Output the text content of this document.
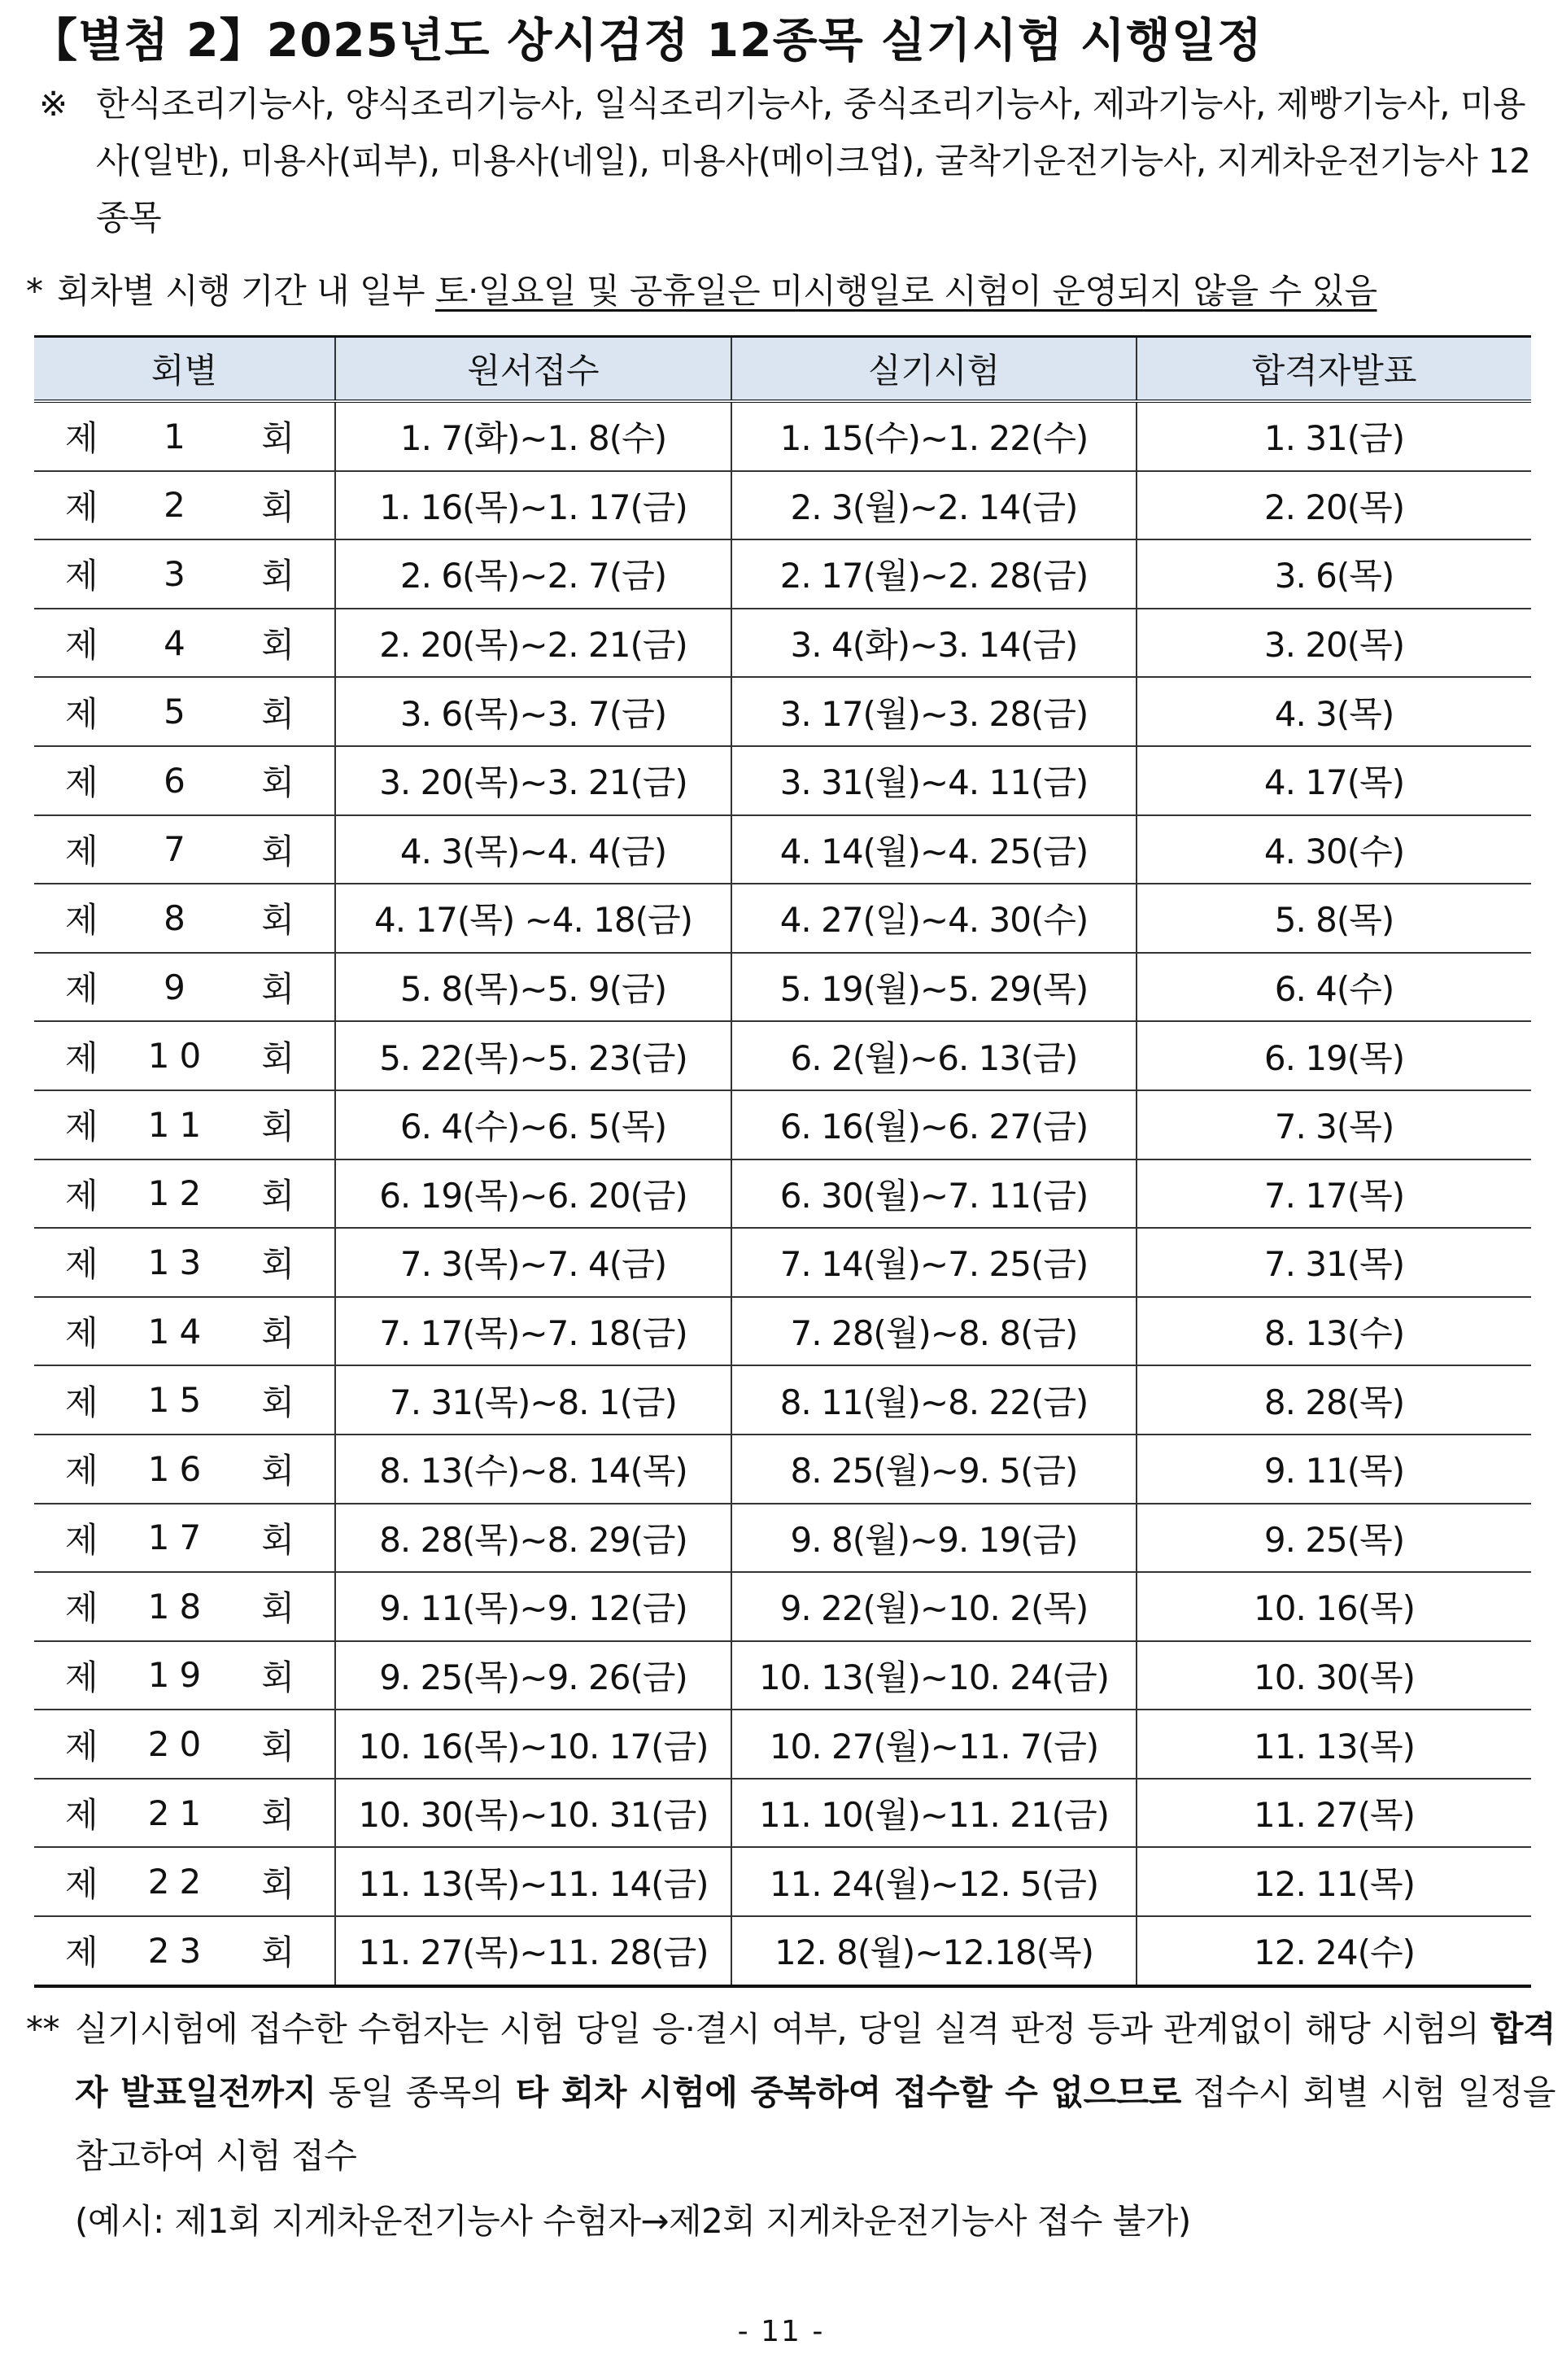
【별첨 2】2025년도 상시검정 12종목 실기시험 시행일정
※ 한식조리기능사, 양식조리기능사, 일식조리기능사, 중식조리기능사, 제과기능사, 제빵기능사, 미용사(일반), 미용사(피부), 미용사(네일), 미용사(메이크업), 굴착기운전기능사, 지게차운전기능사 12종목
* 회차별 시행 기간 내 일부 토·일요일 및 공휴일은 미시행일로 시험이 운영되지 않을 수 있음
회별	원서접수	실기시험	합격자발표

제 1 회	1. 7(화)~1. 8(수)	1. 15(수)~1. 22(수)	1. 31(금)

제 2 회	1. 16(목)~1. 17(금)	2. 3(월)~2. 14(금)	2. 20(목)

제 3 회	2. 6(목)~2. 7(금)	2. 17(월)~2. 28(금)	3. 6(목)

제 4 회	2. 20(목)~2. 21(금)	3. 4(화)~3. 14(금)	3. 20(목)

제 5 회	3. 6(목)~3. 7(금)	3. 17(월)~3. 28(금)	4. 3(목)

제 6 회	3. 20(목)~3. 21(금)	3. 31(월)~4. 11(금)	4. 17(목)

제 7 회	4. 3(목)~4. 4(금)	4. 14(월)~4. 25(금)	4. 30(수)

제 8 회	4. 17(목) ~4. 18(금)	4. 27(일)~4. 30(수)	5. 8(목)

제 9 회	5. 8(목)~5. 9(금)	5. 19(월)~5. 29(목)	6. 4(수)

제 10 회	5. 22(목)~5. 23(금)	6. 2(월)~6. 13(금)	6. 19(목)

제 11 회	6. 4(수)~6. 5(목)	6. 16(월)~6. 27(금)	7. 3(목)

제 12 회	6. 19(목)~6. 20(금)	6. 30(월)~7. 11(금)	7. 17(목)

제 13 회	7. 3(목)~7. 4(금)	7. 14(월)~7. 25(금)	7. 31(목)

제 14 회	7. 17(목)~7. 18(금)	7. 28(월)~8. 8(금)	8. 13(수)

제 15 회	7. 31(목)~8. 1(금)	8. 11(월)~8. 22(금)	8. 28(목)

제 16 회	8. 13(수)~8. 14(목)	8. 25(월)~9. 5(금)	9. 11(목)

제 17 회	8. 28(목)~8. 29(금)	9. 8(월)~9. 19(금)	9. 25(목)

제 18 회	9. 11(목)~9. 12(금)	9. 22(월)~10. 2(목)	10. 16(목)

제 19 회	9. 25(목)~9. 26(금)	10. 13(월)~10. 24(금)	10. 30(목)

제 20 회	10. 16(목)~10. 17(금)	10. 27(월)~11. 7(금)	11. 13(목)

제 21 회	10. 30(목)~10. 31(금)	11. 10(월)~11. 21(금)	11. 27(목)

제 22 회	11. 13(목)~11. 14(금)	11. 24(월)~12. 5(금)	12. 11(목)

제 23 회	11. 27(목)~11. 28(금)	12. 8(월)~12.18(목)	12. 24(수)
** 실기시험에 접수한 수험자는 시험 당일 응·결시 여부, 당일 실격 판정 등과 관계없이 해당 시험의 합격자 발표일전까지 동일 종목의 타 회차 시험에 중복하여 접수할 수 없으므로 접수시 회별 시험 일정을 참고하여 시험 접수
(예시: 제1회 지게차운전기능사 수험자→제2회 지게차운전기능사 접수 불가)
- 11 -
